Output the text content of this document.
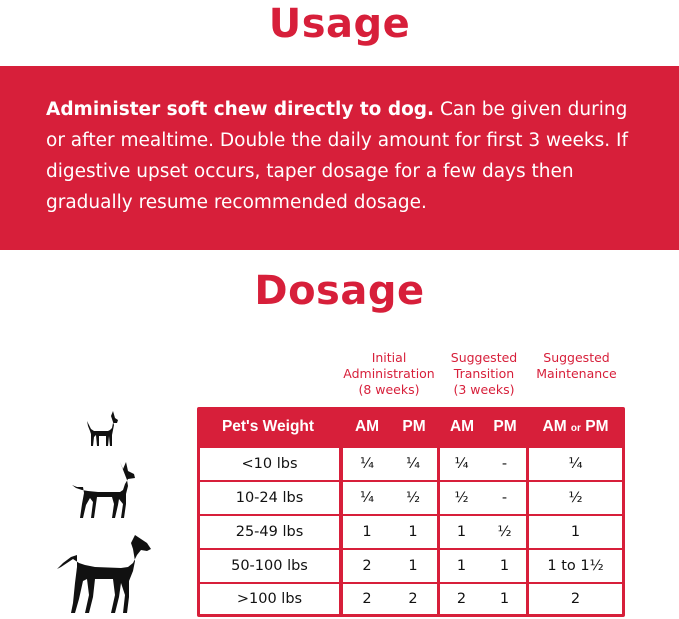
Usage

Administer soft chew directly to dog. Can be given during or after mealtime. Double the daily amount for first 3 weeks. If digestive upset occurs, taper dosage for a few days then gradually resume recommended dosage.

Dosage
Initial
Administration
(8 weeks)
Suggested
Transition
(3 weeks)
Suggested
Maintenance
Pet's Weight	AM	PM	AM	PM	AM or PM
<10 lbs	¼	¼	¼	-	¼
10-24 lbs	¼	½	½	-	½
25-49 lbs	1	1	1	½	1
50-100 lbs	2	1	1	1	1 to 1½
>100 lbs	2	2	2	1	2
